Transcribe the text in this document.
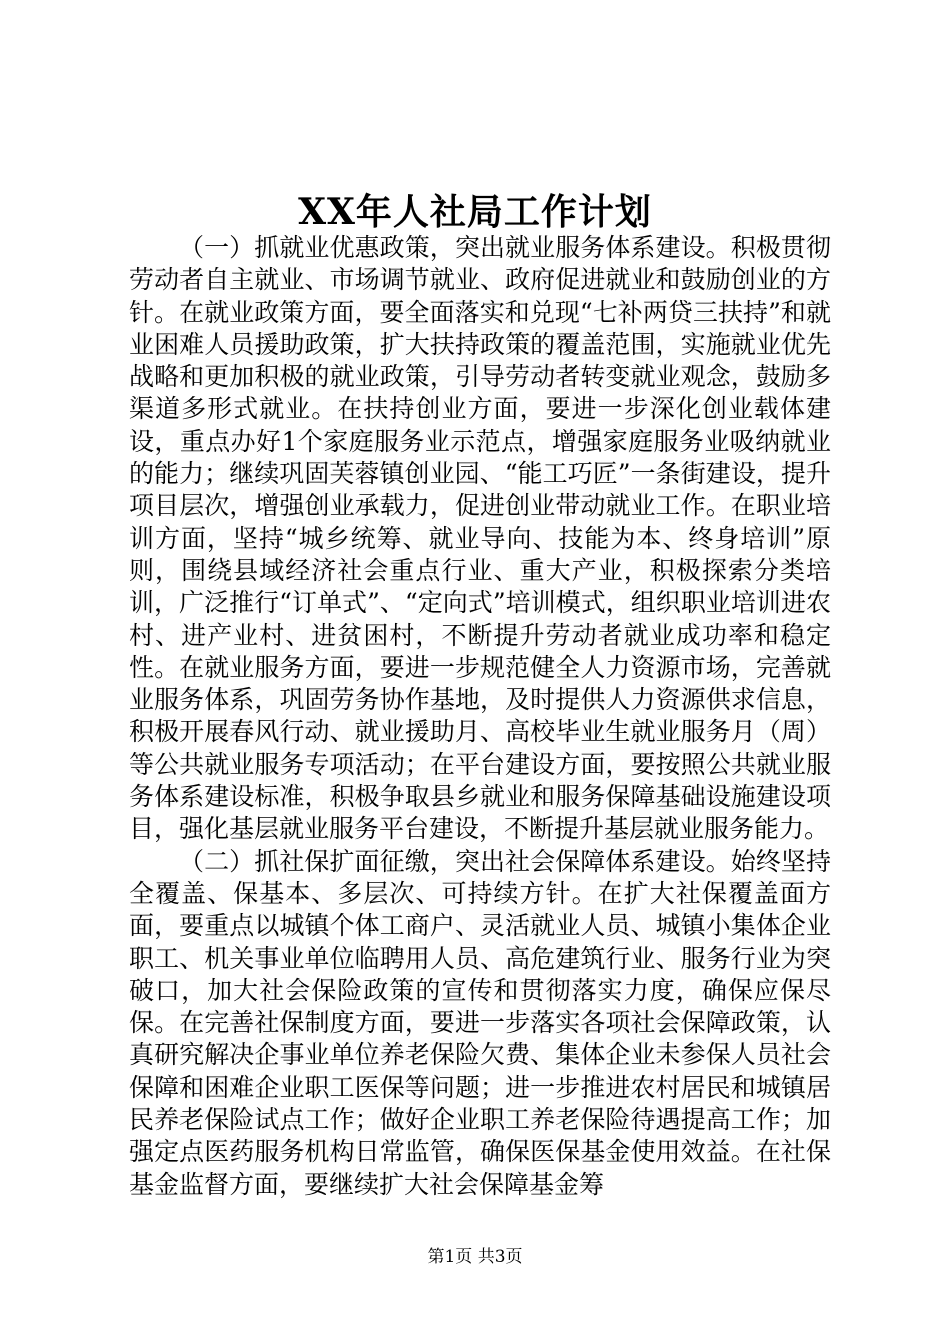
XX年人社局工作计划

（一）抓就业优惠政策，突出就业服务体系建设。积极贯彻劳动者自主就业、市场调节就业、政府促进就业和鼓励创业的方针。在就业政策方面，要全面落实和兑现“七补两贷三扶持”和就业困难人员援助政策，扩大扶持政策的覆盖范围，实施就业优先战略和更加积极的就业政策，引导劳动者转变就业观念，鼓励多渠道多形式就业。在扶持创业方面，要进一步深化创业载体建设，重点办好1个家庭服务业示范点，增强家庭服务业吸纳就业的能力；继续巩固芙蓉镇创业园、“能工巧匠”一条街建设，提升项目层次，增强创业承载力，促进创业带动就业工作。在职业培训方面，坚持“城乡统筹、就业导向、技能为本、终身培训”原则，围绕县域经济社会重点行业、重大产业，积极探索分类培训，广泛推行“订单式”、“定向式”培训模式，组织职业培训进农村、进产业村、进贫困村，不断提升劳动者就业成功率和稳定性。在就业服务方面，要进一步规范健全人力资源市场，完善就业服务体系，巩固劳务协作基地，及时提供人力资源供求信息，积极开展春风行动、就业援助月、高校毕业生就业服务月（周）等公共就业服务专项活动；在平台建设方面，要按照公共就业服务体系建设标准，积极争取县乡就业和服务保障基础设施建设项目，强化基层就业服务平台建设，不断提升基层就业服务能力。

（二）抓社保扩面征缴，突出社会保障体系建设。始终坚持全覆盖、保基本、多层次、可持续方针。在扩大社保覆盖面方面，要重点以城镇个体工商户、灵活就业人员、城镇小集体企业职工、机关事业单位临聘用人员、高危建筑行业、服务行业为突破口，加大社会保险政策的宣传和贯彻落实力度，确保应保尽保。在完善社保制度方面，要进一步落实各项社会保障政策，认真研究解决企事业单位养老保险欠费、集体企业未参保人员社会保障和困难企业职工医保等问题；进一步推进农村居民和城镇居民养老保险试点工作；做好企业职工养老保险待遇提高工作；加强定点医药服务机构日常监管，确保医保基金使用效益。在社保基金监督方面，要继续扩大社会保障基金筹

第1页 共3页
